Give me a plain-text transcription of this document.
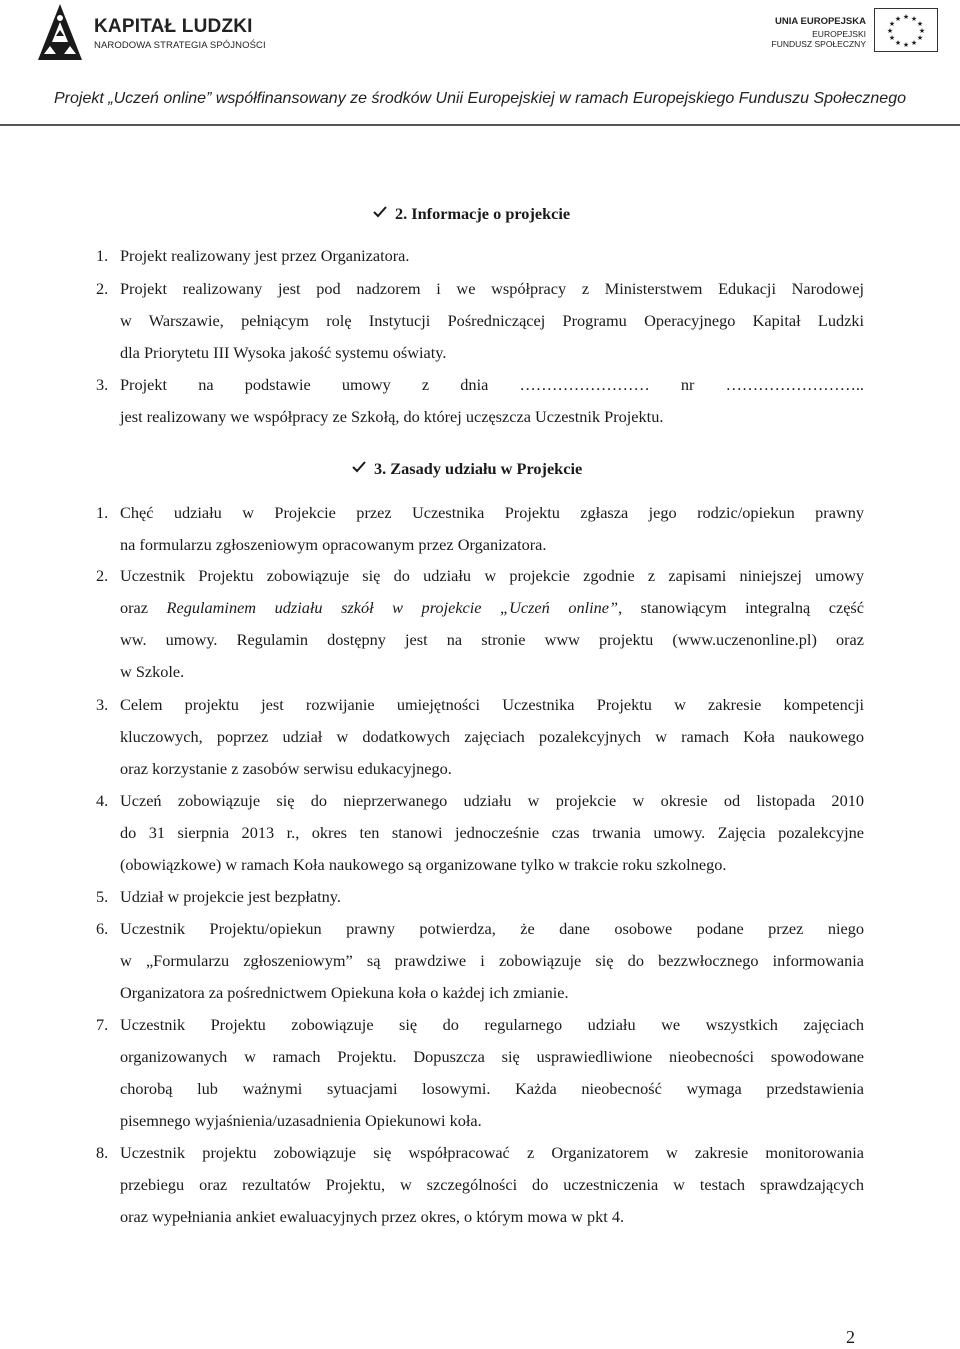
KAPITAŁ LUDZKI
NARODOWA STRATEGIA SPÓJNOŚCI
UNIA EUROPEJSKA
EUROPEJSKI
FUNDUSZ SPOŁECZNY
★ ★
★
★
★
★
★
★
★
★
★
★
Projekt „Uczeń online” współfinansowany ze środków Unii Europejskiej w ramach Europejskiego Funduszu Społecznego
2. Informacje o projekcie
1. Projekt realizowany jest przez Organizatora.
2. Projekt realizowany jest pod nadzorem i we współpracy z Ministerstwem Edukacji Narodowej
w Warszawie, pełniącym rolę Instytucji Pośredniczącej Programu Operacyjnego Kapitał Ludzki
dla Priorytetu III Wysoka jakość systemu oświaty.
3. Projekt na podstawie umowy z dnia …………………… nr ……………………..
jest realizowany we współpracy ze Szkołą, do której uczęszcza Uczestnik Projektu.
3. Zasady udziału w Projekcie
1. Chęć udziału w Projekcie przez Uczestnika Projektu zgłasza jego rodzic/opiekun prawny
na formularzu zgłoszeniowym opracowanym przez Organizatora.
2. Uczestnik Projektu zobowiązuje się do udziału w projekcie zgodnie z zapisami niniejszej umowy
oraz Regulaminem udziału szkół w projekcie „Uczeń online”, stanowiącym integralną część
ww. umowy. Regulamin dostępny jest na stronie www projektu (www.uczenonline.pl) oraz
w Szkole.
3. Celem projektu jest rozwijanie umiejętności Uczestnika Projektu w zakresie kompetencji
kluczowych, poprzez udział w dodatkowych zajęciach pozalekcyjnych w ramach Koła naukowego
oraz korzystanie z zasobów serwisu edukacyjnego.
4. Uczeń zobowiązuje się do nieprzerwanego udziału w projekcie w okresie od listopada 2010
do 31 sierpnia 2013 r., okres ten stanowi jednocześnie czas trwania umowy. Zajęcia pozalekcyjne
(obowiązkowe) w ramach Koła naukowego są organizowane tylko w trakcie roku szkolnego.
5. Udział w projekcie jest bezpłatny.
6. Uczestnik Projektu/opiekun prawny potwierdza, że dane osobowe podane przez niego
w „Formularzu zgłoszeniowym” są prawdziwe i zobowiązuje się do bezzwłocznego informowania
Organizatora za pośrednictwem Opiekuna koła o każdej ich zmianie.
7. Uczestnik Projektu zobowiązuje się do regularnego udziału we wszystkich zajęciach
organizowanych w ramach Projektu. Dopuszcza się usprawiedliwione nieobecności spowodowane
chorobą lub ważnymi sytuacjami losowymi. Każda nieobecność wymaga przedstawienia
pisemnego wyjaśnienia/uzasadnienia Opiekunowi koła.
8. Uczestnik projektu zobowiązuje się współpracować z Organizatorem w zakresie monitorowania
przebiegu oraz rezultatów Projektu, w szczególności do uczestniczenia w testach sprawdzających
oraz wypełniania ankiet ewaluacyjnych przez okres, o którym mowa w pkt 4.
2
